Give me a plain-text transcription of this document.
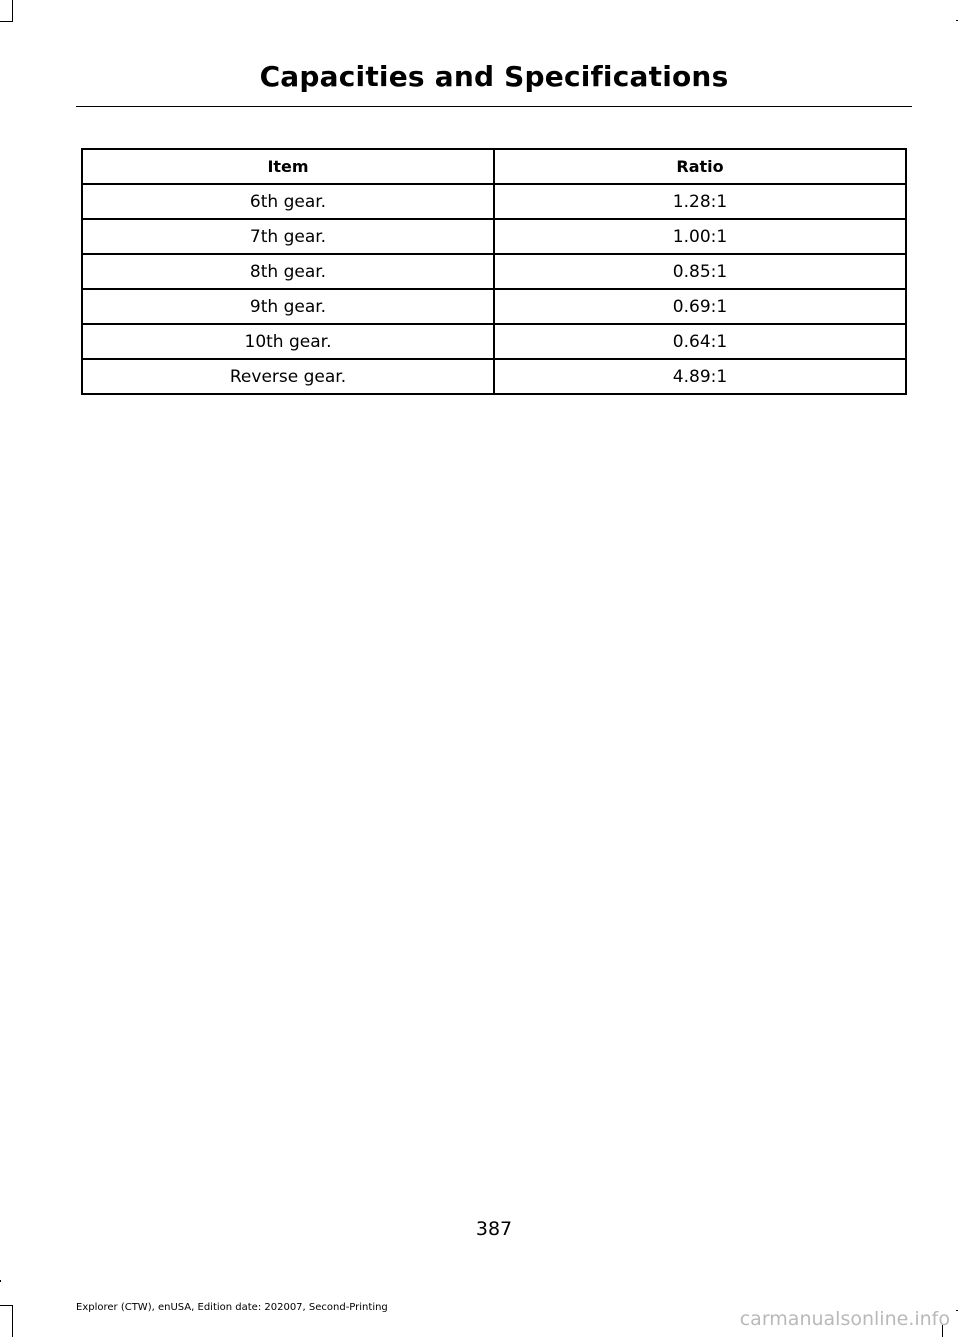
Capacities and Specifications
Item	Ratio
6th gear.	1.28:1
7th gear.	1.00:1
8th gear.	0.85:1
9th gear.	0.69:1
10th gear.	0.64:1
Reverse gear.	4.89:1
387
Explorer (CTW), enUSA, Edition date: 202007, Second-Printing
carmanualsonline.info
